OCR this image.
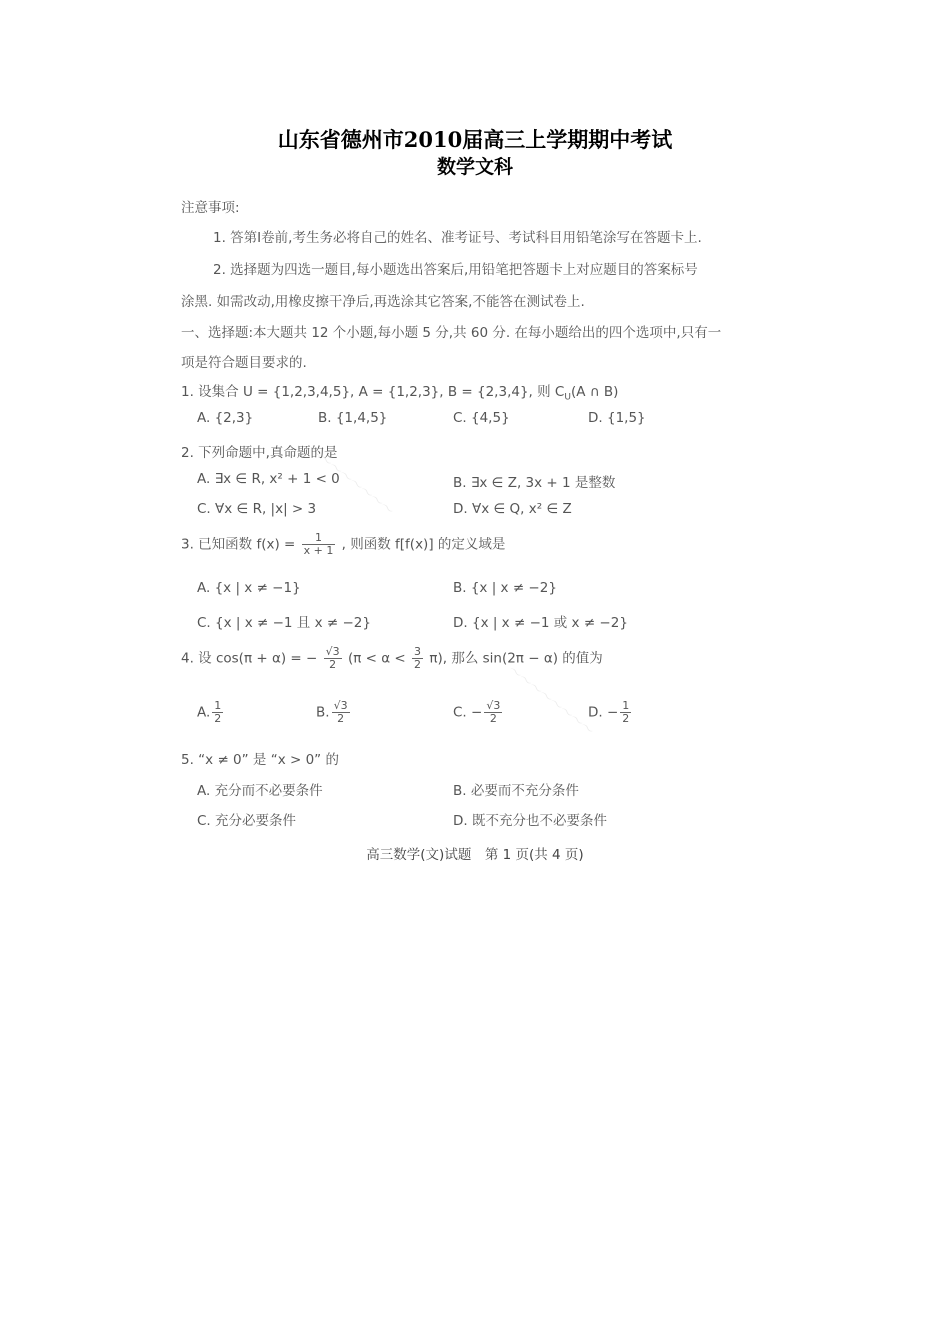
～～～～～～～～
～～～～～～～～
山东省德州市2010届高三上学期期中考试
数学文科
注意事项:
1. 答第Ⅰ卷前,考生务必将自己的姓名、准考证号、考试科目用铅笔涂写在答题卡上.
2. 选择题为四选一题目,每小题选出答案后,用铅笔把答题卡上对应题目的答案标号
涂黑. 如需改动,用橡皮擦干净后,再选涂其它答案,不能答在测试卷上.
一、选择题:本大题共 12 个小题,每小题 5 分,共 60 分. 在每小题给出的四个选项中,只有一
项是符合题目要求的.
1. 设集合 U = {1,2,3,4,5}, A = {1,2,3}, B = {2,3,4}, 则 $C_U(A$ ∩ B)
A. {2,3}	B. {1,4,5}	C. {4,5}	D. {1,5}
2. 下列命题中,真命题的是
A. ∃x ∈ R, x² + 1 < 0	B. ∃x ∈ Z, 3x + 1 是整数
C. ∀x ∈ R, |x| > 3	D. ∀x ∈ Q, x² ∈ Z
3. 已知函数 $f(x) = \frac{1}{x + 1}$ , 则函数 f[f(x)] 的定义域是
A. {x | x ≠ −1}	B. {x | x ≠ −2}
C. {x | x ≠ −1 且 x ≠ −2}	D. {x | x ≠ −1 或 x ≠ −2}
4. 设 cos(π + α) = − $\frac{√3}{2} (\pi < \alpha < \frac{3}{2} \pi)$, 那么 sin(2π − α) 的值为
A. $\frac{1}{2}$	B. $\frac{√3}{2}$	C. − $\frac{√3}{2}$	D. − $\frac{1}{2}$
5. “x ≠ 0” 是 “x > 0” 的
A. 充分而不必要条件	B. 必要而不充分条件
C. 充分必要条件	D. 既不充分也不必要条件
高三数学(文)试题　第 1 页(共 4 页)
